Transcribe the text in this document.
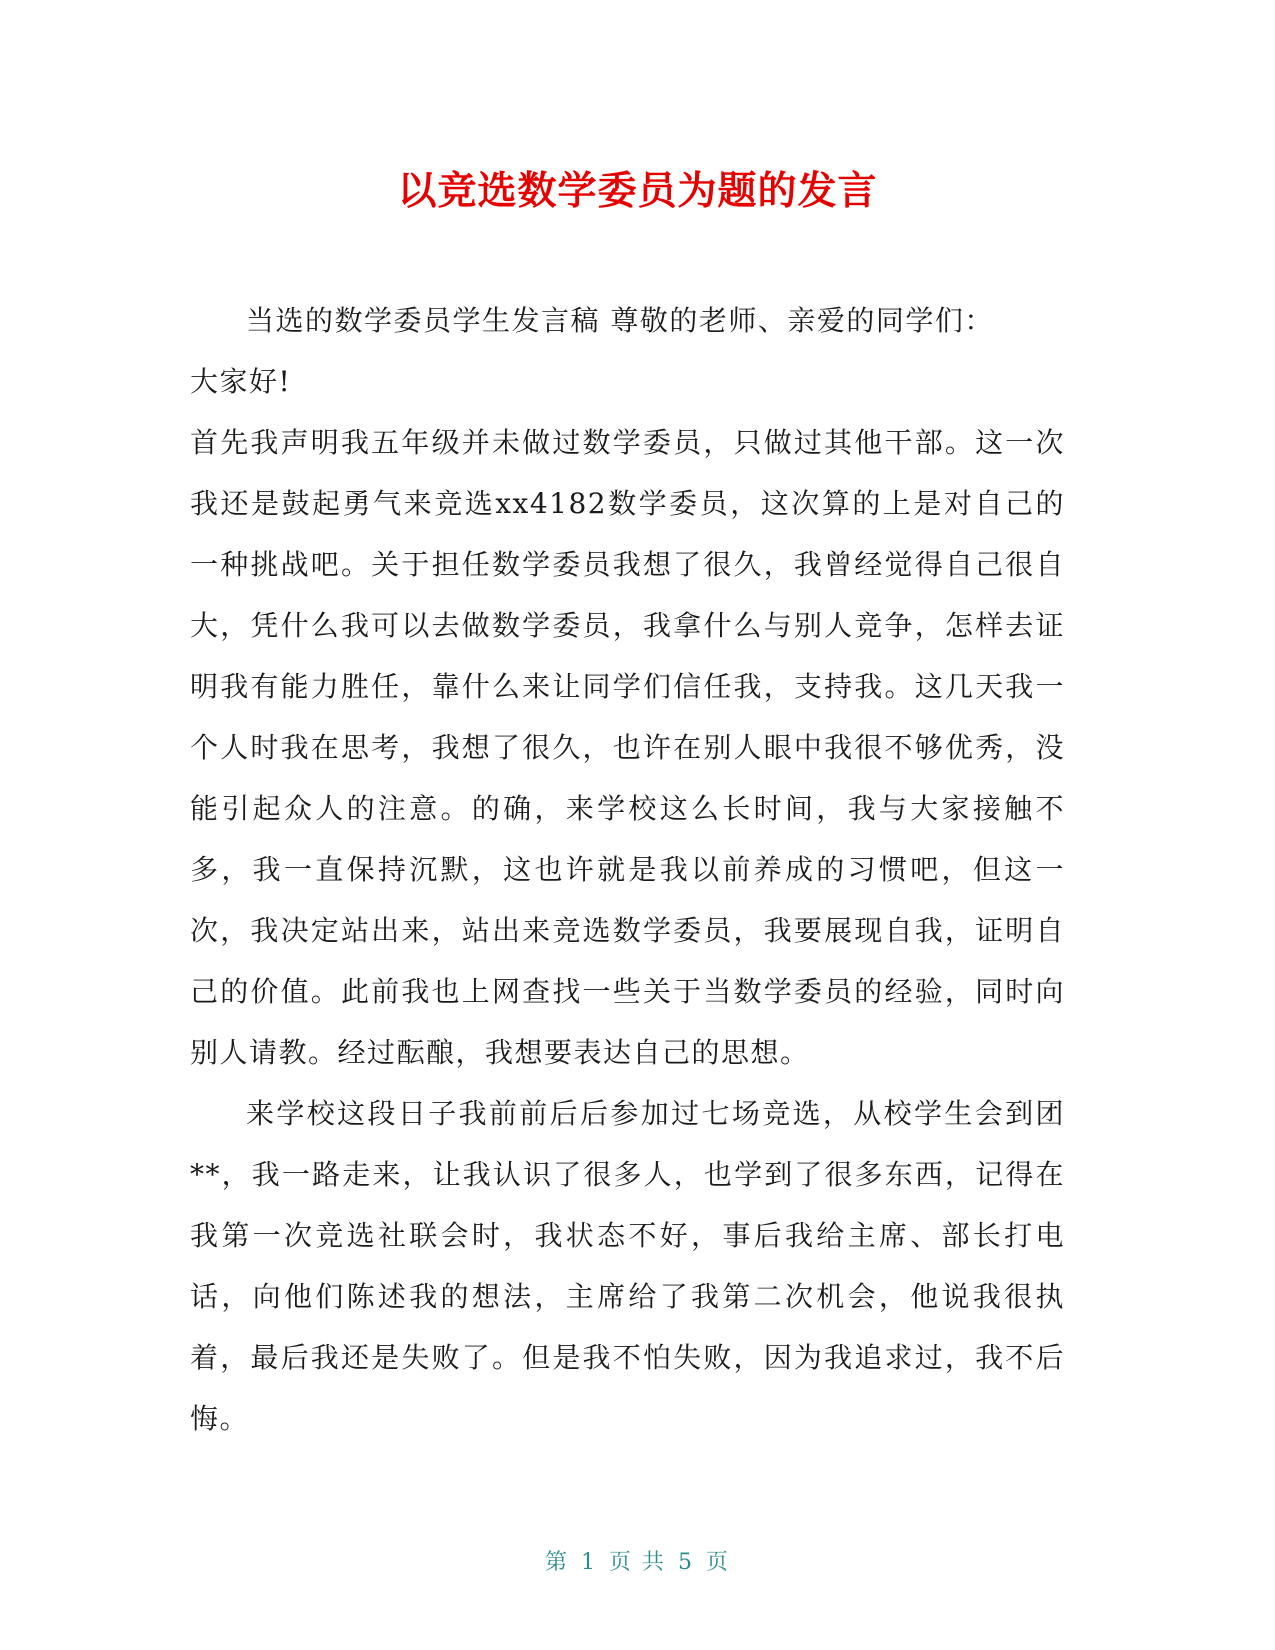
以竞选数学委员为题的发言

当选的数学委员学生发言稿 尊敬的老师、亲爱的同学们：

大家好!

首先我声明我五年级并未做过数学委员，只做过其他干部。这一次我还是鼓起勇气来竞选xx4182数学委员，这次算的上是对自己的一种挑战吧。关于担任数学委员我想了很久，我曾经觉得自己很自大，凭什么我可以去做数学委员，我拿什么与别人竞争，怎样去证明我有能力胜任，靠什么来让同学们信任我，支持我。这几天我一个人时我在思考，我想了很久，也许在别人眼中我很不够优秀，没能引起众人的注意。的确，来学校这么长时间，我与大家接触不多，我一直保持沉默，这也许就是我以前养成的习惯吧，但这一次，我决定站出来，站出来竞选数学委员，我要展现自我，证明自己的价值。此前我也上网查找一些关于当数学委员的经验，同时向别人请教。经过酝酿，我想要表达自己的思想。

来学校这段日子我前前后后参加过七场竞选，从校学生会到团**，我一路走来，让我认识了很多人，也学到了很多东西，记得在我第一次竞选社联会时，我状态不好，事后我给主席、部长打电话，向他们陈述我的想法，主席给了我第二次机会，他说我很执着，最后我还是失败了。但是我不怕失败，因为我追求过，我不后悔。

第 1 页 共 5 页
